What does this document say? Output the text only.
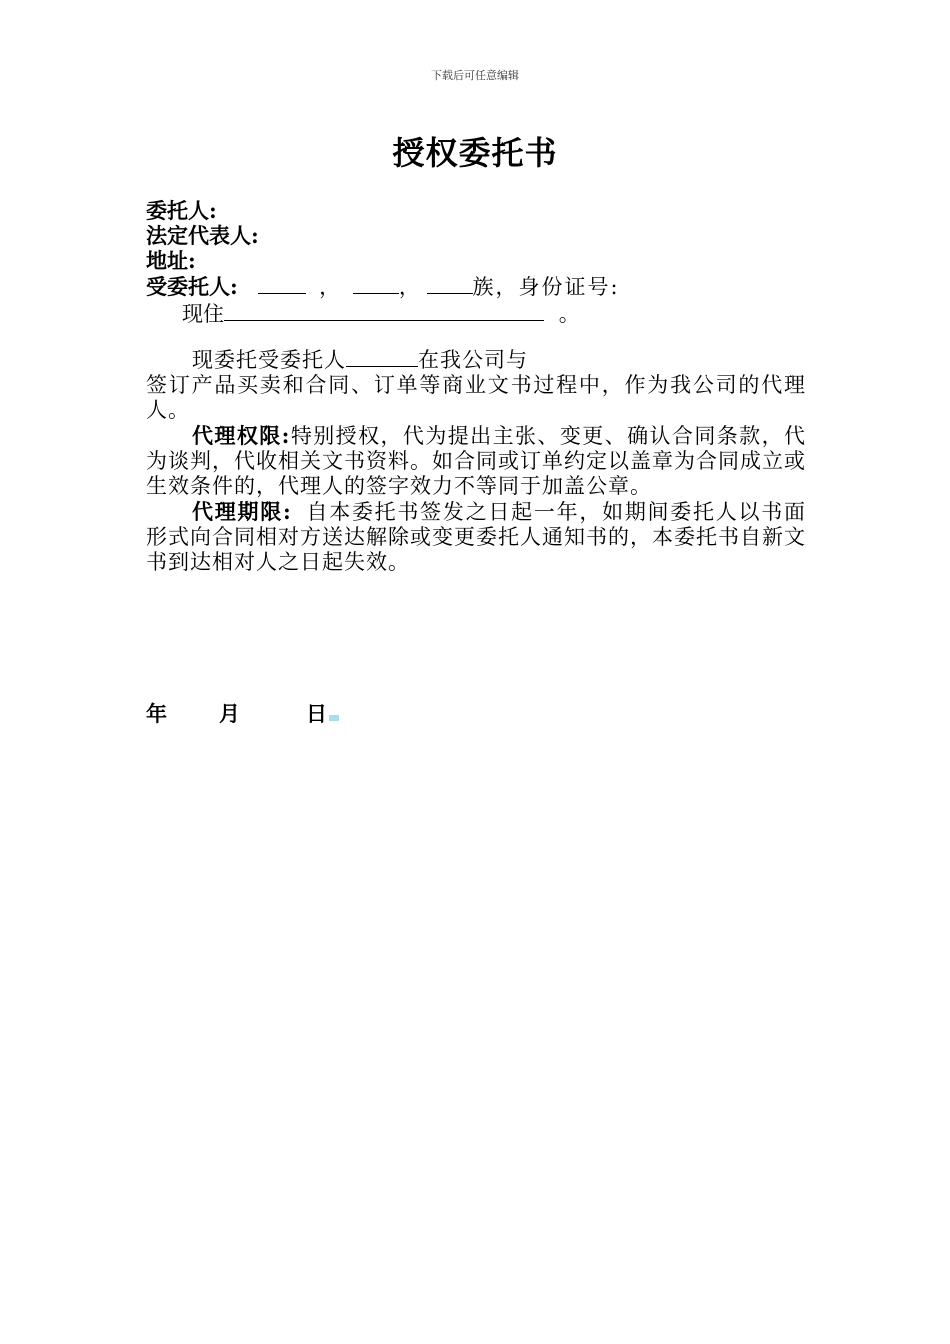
下载后可任意编辑
授权委托书
委托人:
法定代表人:
地址:
受委托人:	，	，	族，身份证号:
现住	。

现委托受委托人	在我公司与

签订产品买卖和合同、订单等商业文书过程中，作为我公司的代理人。

代理权限:特别授权，代为提出主张、变更、确认合同条款，代为谈判，代收相关文书资料。如合同或订单约定以盖章为合同成立或生效条件的，代理人的签字效力不等同于加盖公章。

代理期限: 自本委托书签发之日起一年，如期间委托人以书面形式向合同相对方送达解除或变更委托人通知书的，本委托书自新文书到达相对人之日起失效。

年 月	日
